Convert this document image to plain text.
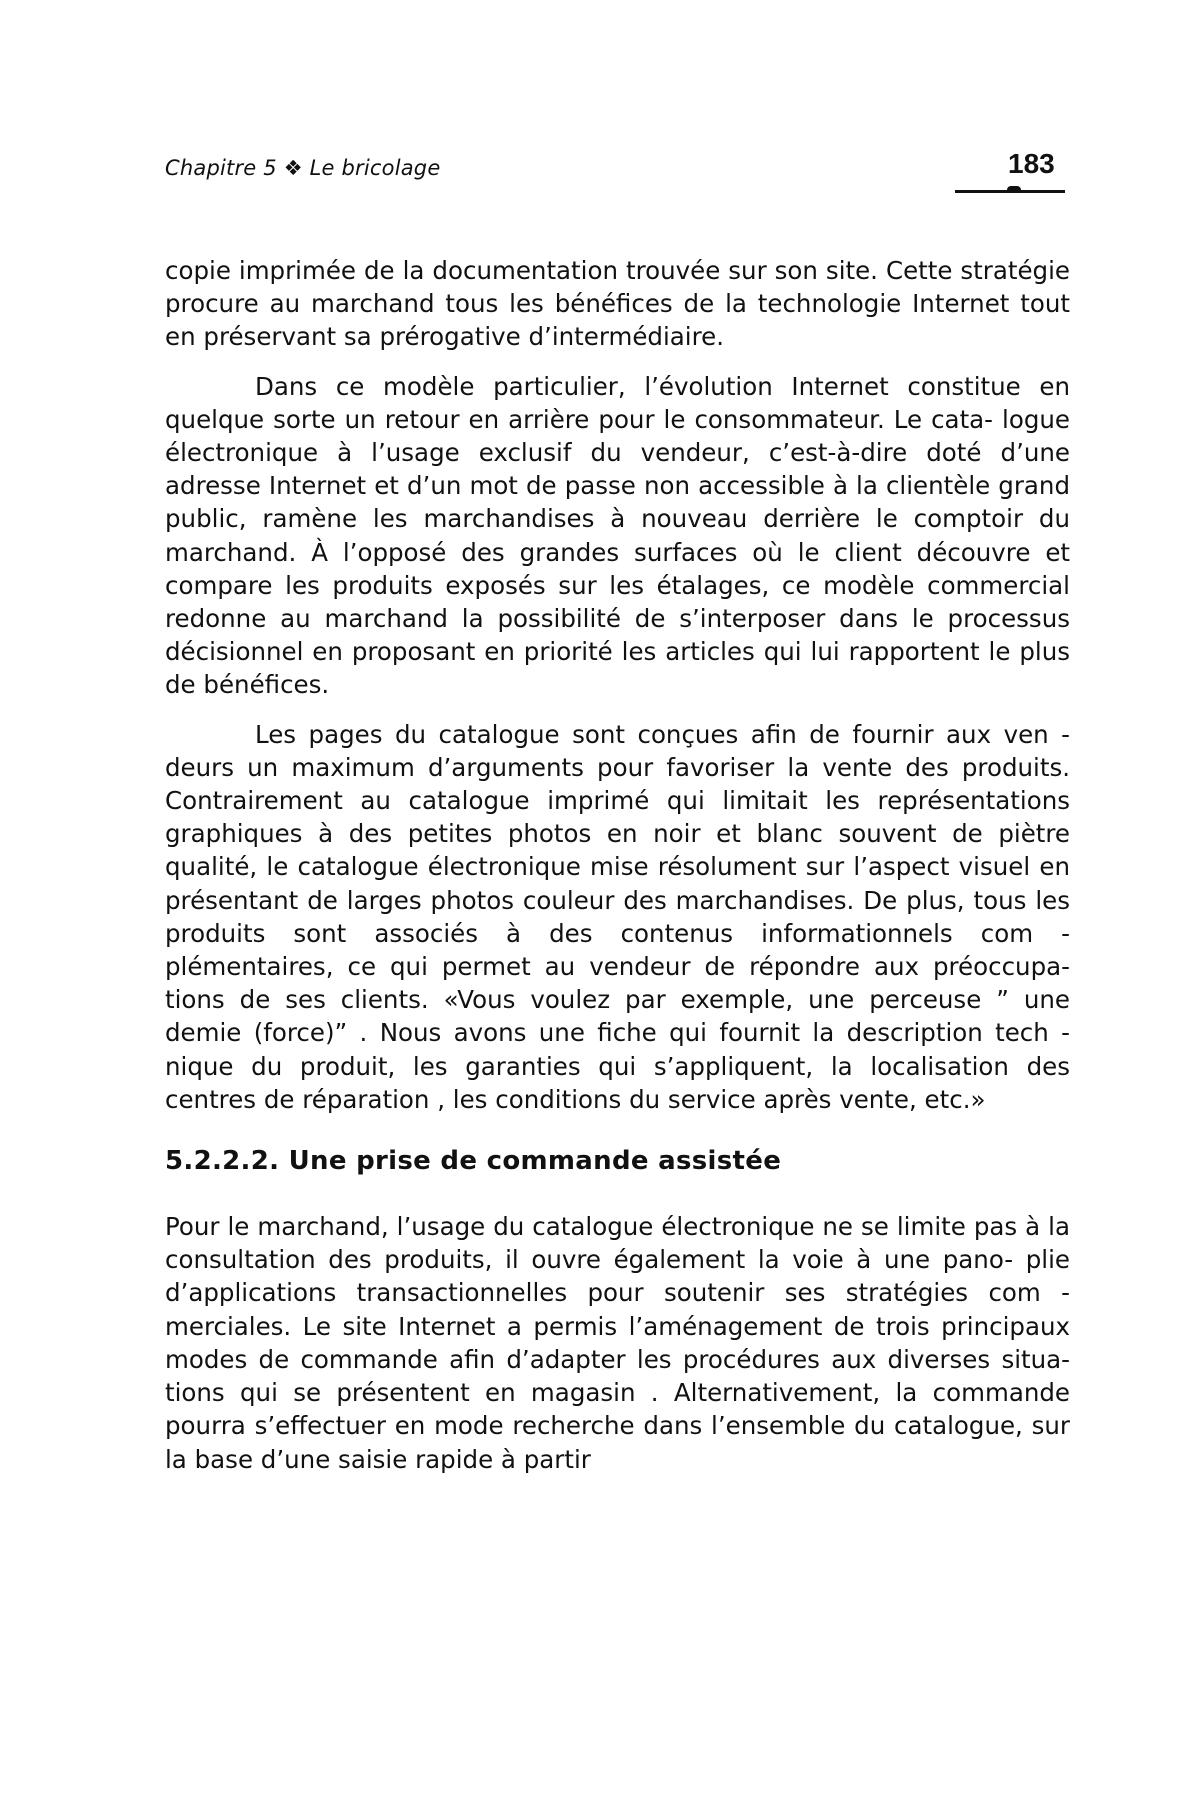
Chapitre 5 ❖ Le bricolage	183

copie imprimée de la documentation trouvée sur son site. Cette stratégie procure au marchand tous les bénéfices de la technologie Internet tout en préservant sa prérogative d’intermédiaire.

Dans ce modèle particulier, l’évolution Internet constitue en quelque sorte un retour en arrière pour le consommateur. Le cata- logue électronique à l’usage exclusif du vendeur, c’est-à-dire doté d’une adresse Internet et d’un mot de passe non accessible à la clientèle grand public, ramène les marchandises à nouveau derrière le comptoir du marchand. À l’opposé des grandes surfaces où le client découvre et compare les produits exposés sur les étalages, ce modèle commercial redonne au marchand la possibilité de s’interposer dans le processus décisionnel en proposant en priorité les articles qui lui rapportent le plus de bénéfices.

Les pages du catalogue sont conçues afin de fournir aux ven - deurs un maximum d’arguments pour favoriser la vente des produits. Contrairement au catalogue imprimé qui limitait les représentations graphiques à des petites photos en noir et blanc souvent de piètre qualité, le catalogue électronique mise résolument sur l’aspect visuel en présentant de larges photos couleur des marchandises. De plus, tous les produits sont associés à des contenus informationnels com - plémentaires, ce qui permet au vendeur de répondre aux préoccupa- tions de ses clients. «Vous voulez par exemple, une perceuse ” une demie (force)” . Nous avons une fiche qui fournit la description tech - nique du produit, les garanties qui s’appliquent, la localisation des centres de réparation , les conditions du service après vente, etc.»

5.2.2.2. Une prise de commande assistée

Pour le marchand, l’usage du catalogue électronique ne se limite pas à la consultation des produits, il ouvre également la voie à une pano- plie d’applications transactionnelles pour soutenir ses stratégies com - merciales. Le site Internet a permis l’aménagement de trois principaux modes de commande afin d’adapter les procédures aux diverses situa- tions qui se présentent en magasin . Alternativement, la commande pourra s’effectuer en mode recherche dans l’ensemble du catalogue, sur la base d’une saisie rapide à partir
